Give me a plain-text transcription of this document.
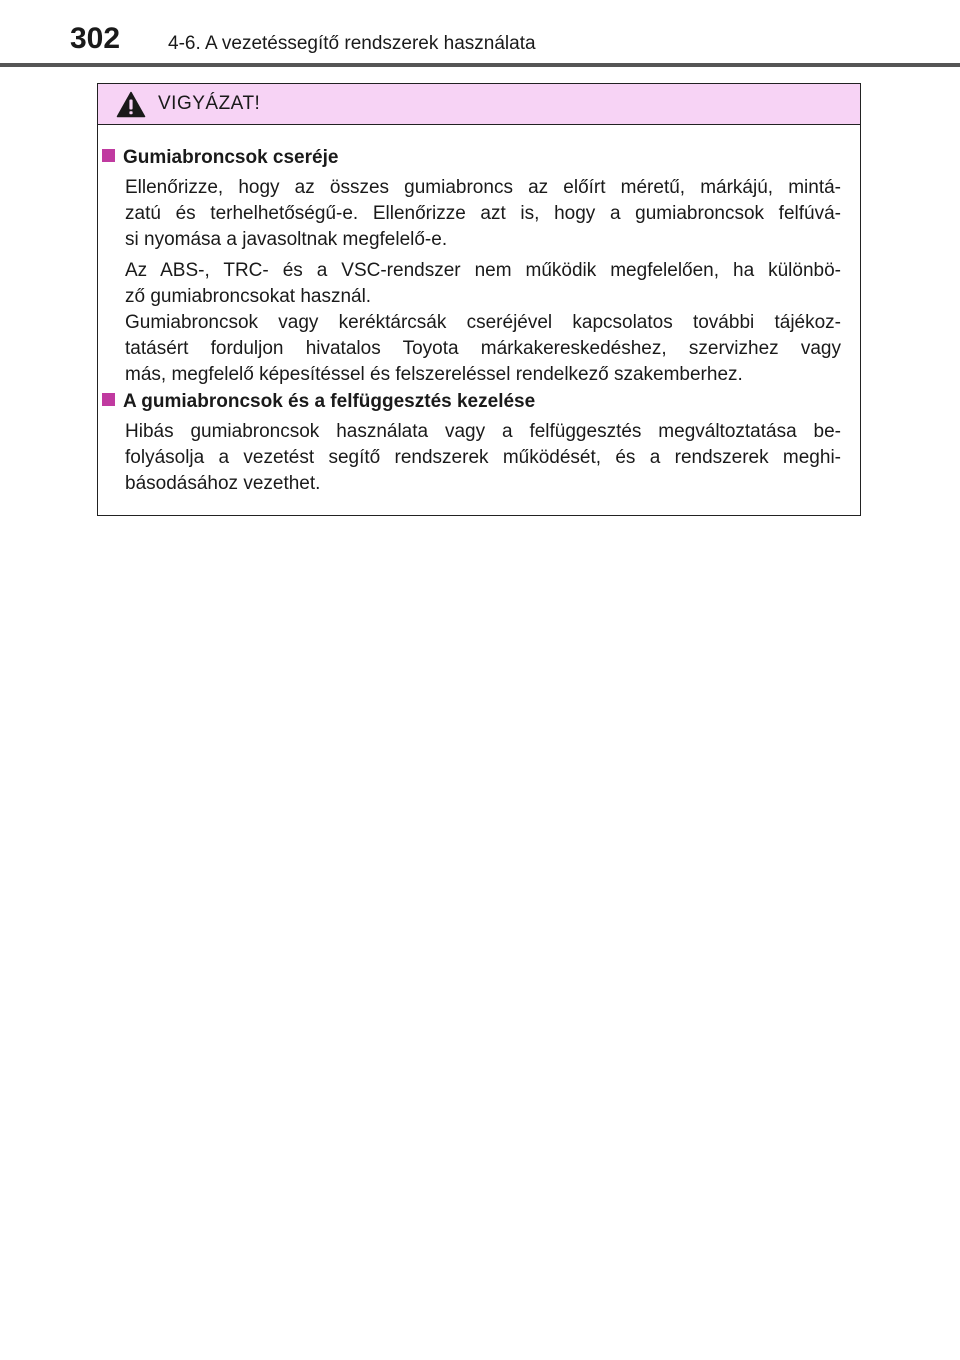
302	4-6. A vezetéssegítő rendszerek használata
VIGYÁZAT!
Gumiabroncsok cseréje
Ellenőrizze, hogy az összes gumiabroncs az előírt méretű, márkájú, mintá-
zatú és terhelhetőségű-e. Ellenőrizze azt is, hogy a gumiabroncsok felfúvá-
si nyomása a javasoltnak megfelelő-e.
Az ABS-, TRC- és a VSC-rendszer nem működik megfelelően, ha különbö-
ző gumiabroncsokat használ.
Gumiabroncsok vagy keréktárcsák cseréjével kapcsolatos további tájékoz-
tatásért forduljon hivatalos Toyota márkakereskedéshez, szervizhez vagy
más, megfelelő képesítéssel és felszereléssel rendelkező szakemberhez.
A gumiabroncsok és a felfüggesztés kezelése
Hibás gumiabroncsok használata vagy a felfüggesztés megváltoztatása be-
folyásolja a vezetést segítő rendszerek működését, és a rendszerek meghi-
básodásához vezethet.
